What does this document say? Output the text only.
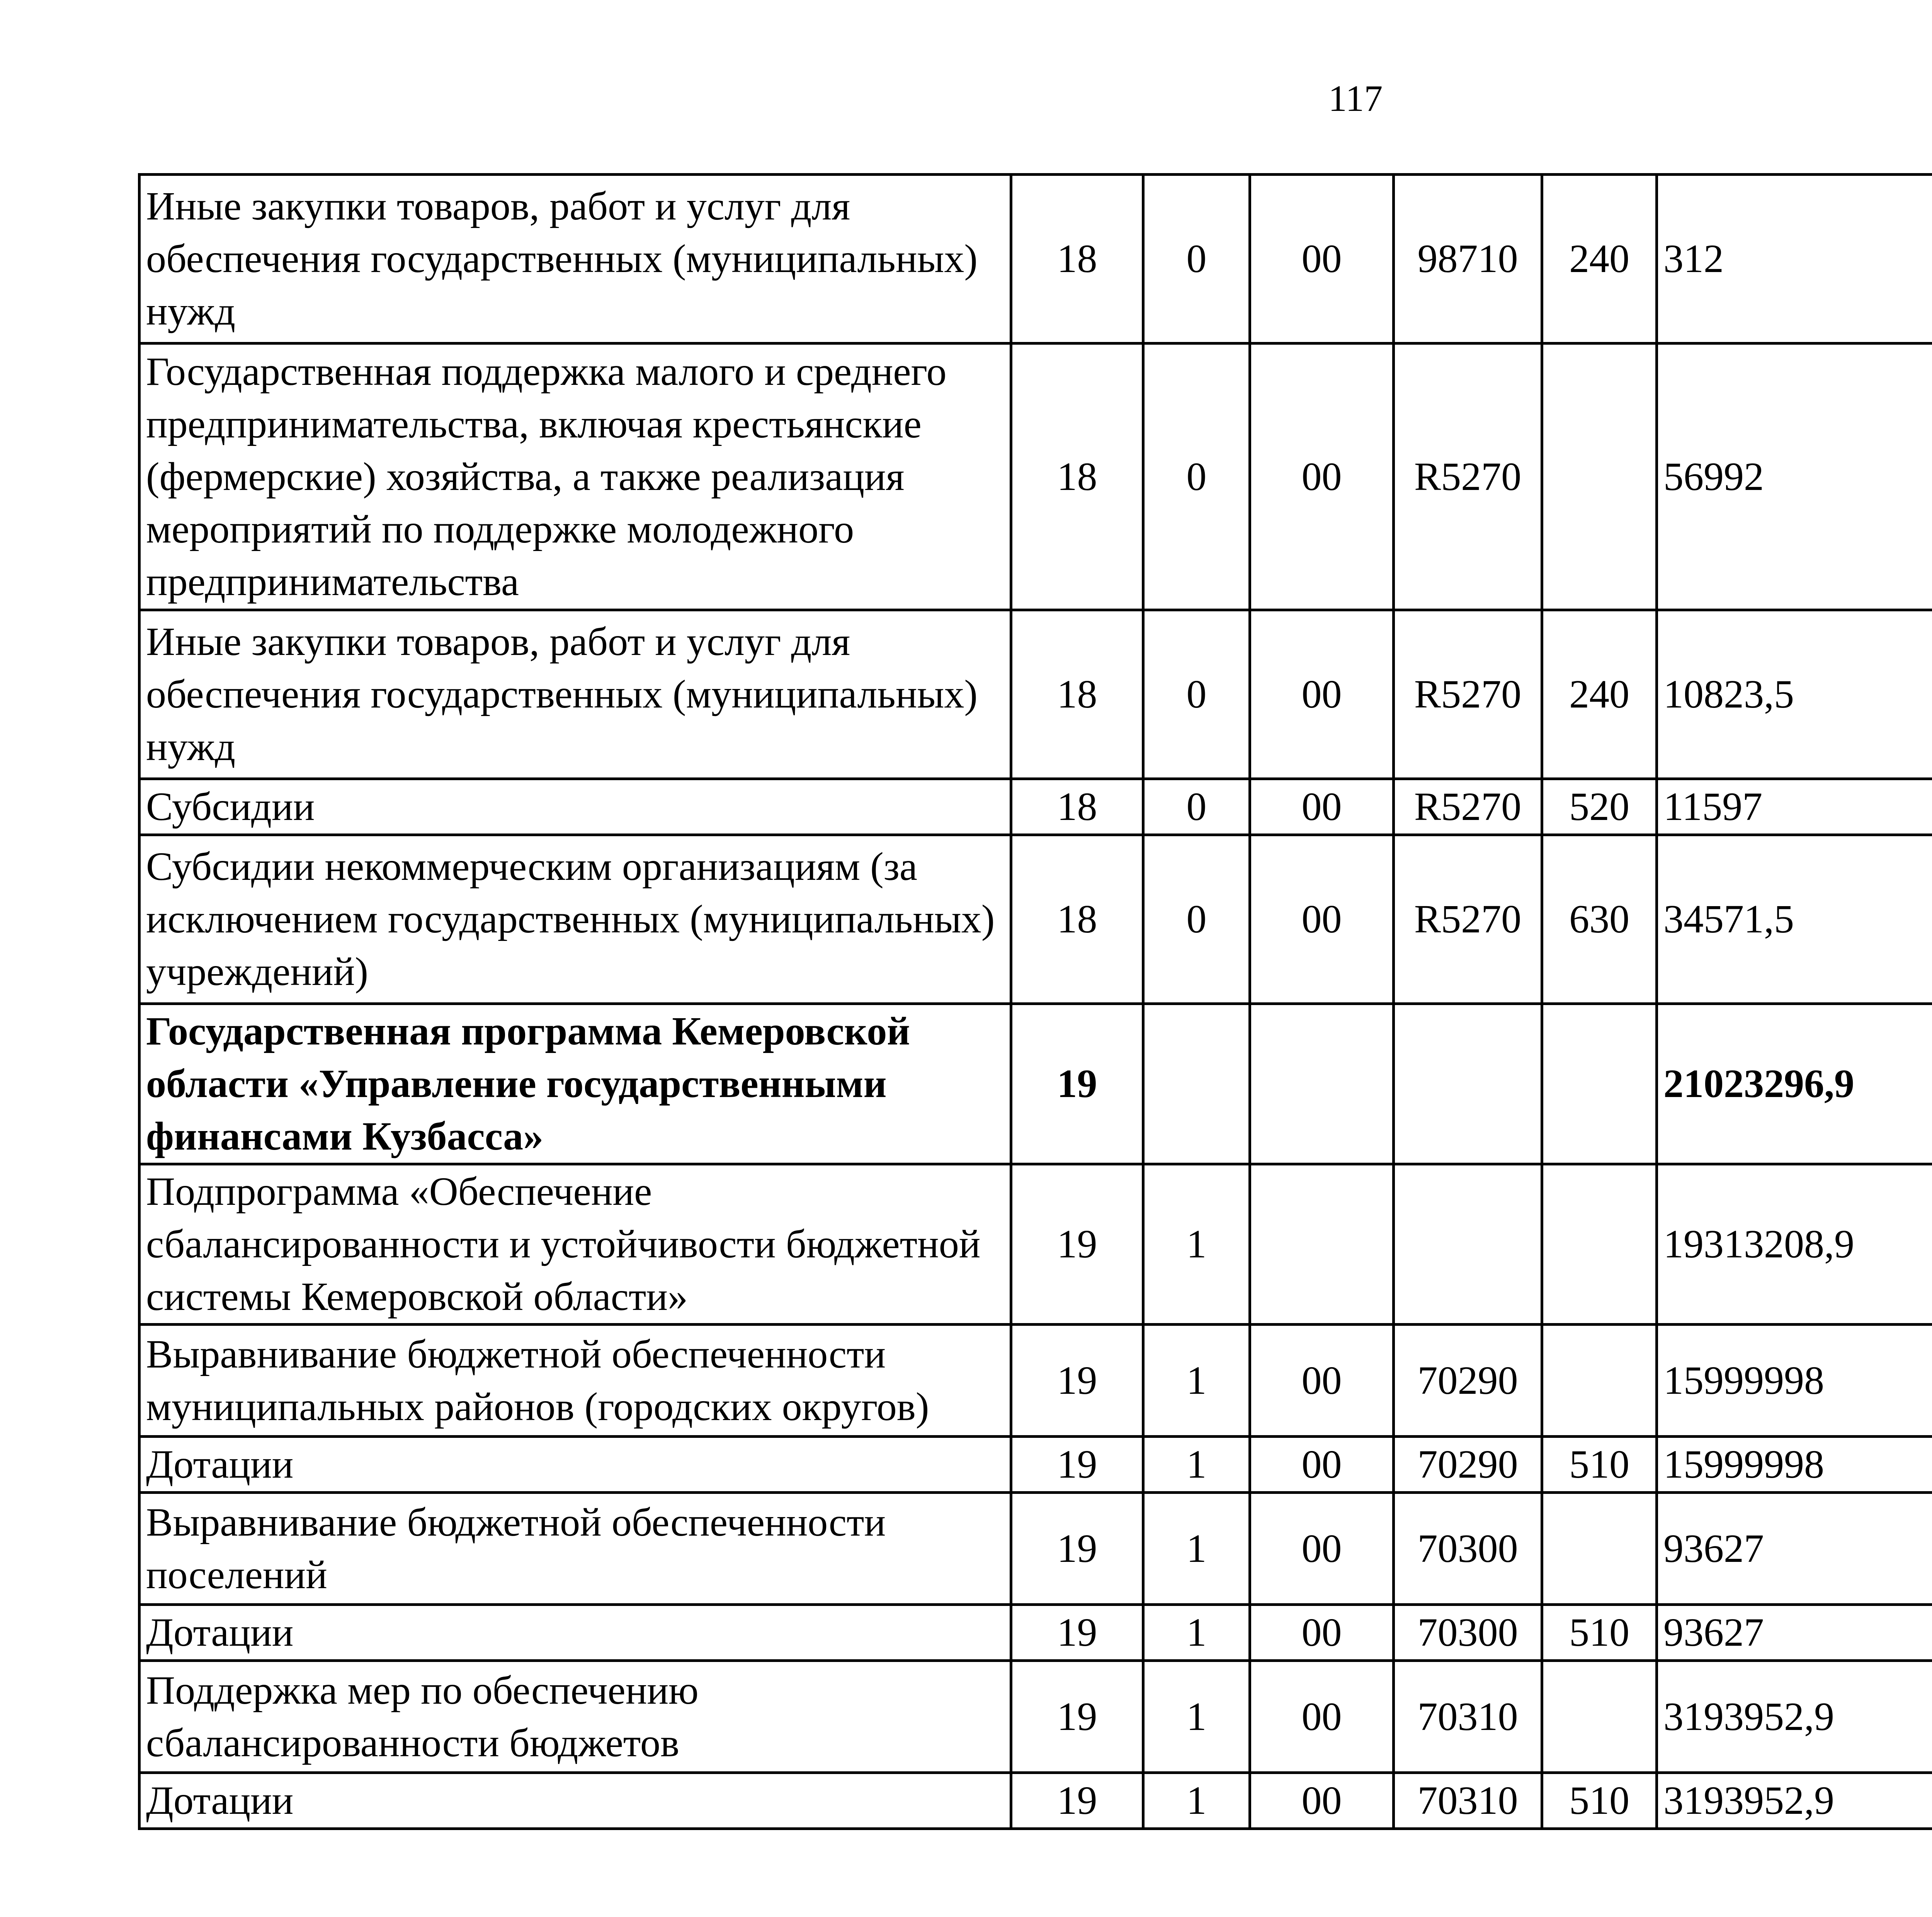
117
Иные закупки товаров, работ и услуг для обеспечения государственных (муниципальных) нужд	18	0	00	98710	240	312		
Государственная поддержка малого и среднего предпринимательства, включая крестьянские (фермерские) хозяйства, а также реализация мероприятий по поддержке молодежного предпринимательства	18	0	00	R5270		56992		
Иные закупки товаров, работ и услуг для обеспечения государственных (муниципальных) нужд	18	0	00	R5270	240	10823,5		
Субсидии	18	0	00	R5270	520	11597		
Субсидии некоммерческим организациям (за исключением государственных (муниципальных) учреждений)	18	0	00	R5270	630	34571,5		
Государственная программа Кемеровской области «Управление государственными финансами Кузбасса»	19					21023296,9		
Подпрограмма «Обеспечение сбалансированности и устойчивости бюджетной системы Кемеровской области»	19	1				19313208,9		
Выравнивание бюджетной обеспеченности муниципальных районов (городских округов)	19	1	00	70290		15999998		
Дотации	19	1	00	70290	510	15999998		
Выравнивание бюджетной обеспеченности поселений	19	1	00	70300		93627		
Дотации	19	1	00	70300	510	93627		
Поддержка мер по обеспечению сбалансированности бюджетов	19	1	00	70310		3193952,9		
Дотации	19	1	00	70310	510	3193952,9		
